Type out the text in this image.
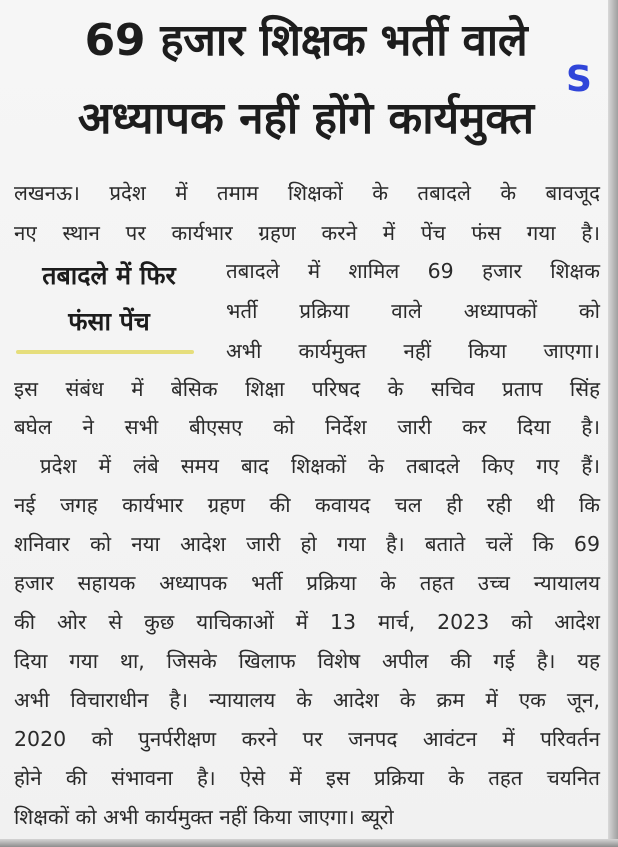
69 हजार शिक्षक भर्ती वाले
अध्यापक नहीं होंगे कार्यमुक्त
S
लखनऊ। प्रदेश में तमाम शिक्षकों के तबादले के बावजूद
नए स्थान पर कार्यभार ग्रहण करने में पेंच फंस गया है।
तबादले में शामिल 69 हजार शिक्षक
भर्ती प्रक्रिया वाले अध्यापकों को
अभी कार्यमुक्त नहीं किया जाएगा।
इस संबंध में बेसिक शिक्षा परिषद के सचिव प्रताप सिंह
बघेल ने सभी बीएसए को निर्देश जारी कर दिया है।
प्रदेश में लंबे समय बाद शिक्षकों के तबादले किए गए हैं।
नई जगह कार्यभार ग्रहण की कवायद चल ही रही थी कि
शनिवार को नया आदेश जारी हो गया है। बताते चलें कि 69
हजार सहायक अध्यापक भर्ती प्रक्रिया के तहत उच्च न्यायालय
की ओर से कुछ याचिकाओं में 13 मार्च, 2023 को आदेश
दिया गया था, जिसके खिलाफ विशेष अपील की गई है। यह
अभी विचाराधीन है। न्यायालय के आदेश के क्रम में एक जून,
2020 को पुनर्परीक्षण करने पर जनपद आवंटन में परिवर्तन
होने की संभावना है। ऐसे में इस प्रक्रिया के तहत चयनित
शिक्षकों को अभी कार्यमुक्त नहीं किया जाएगा। ब्यूरो
तबादले में फिर
फंसा पेंच
